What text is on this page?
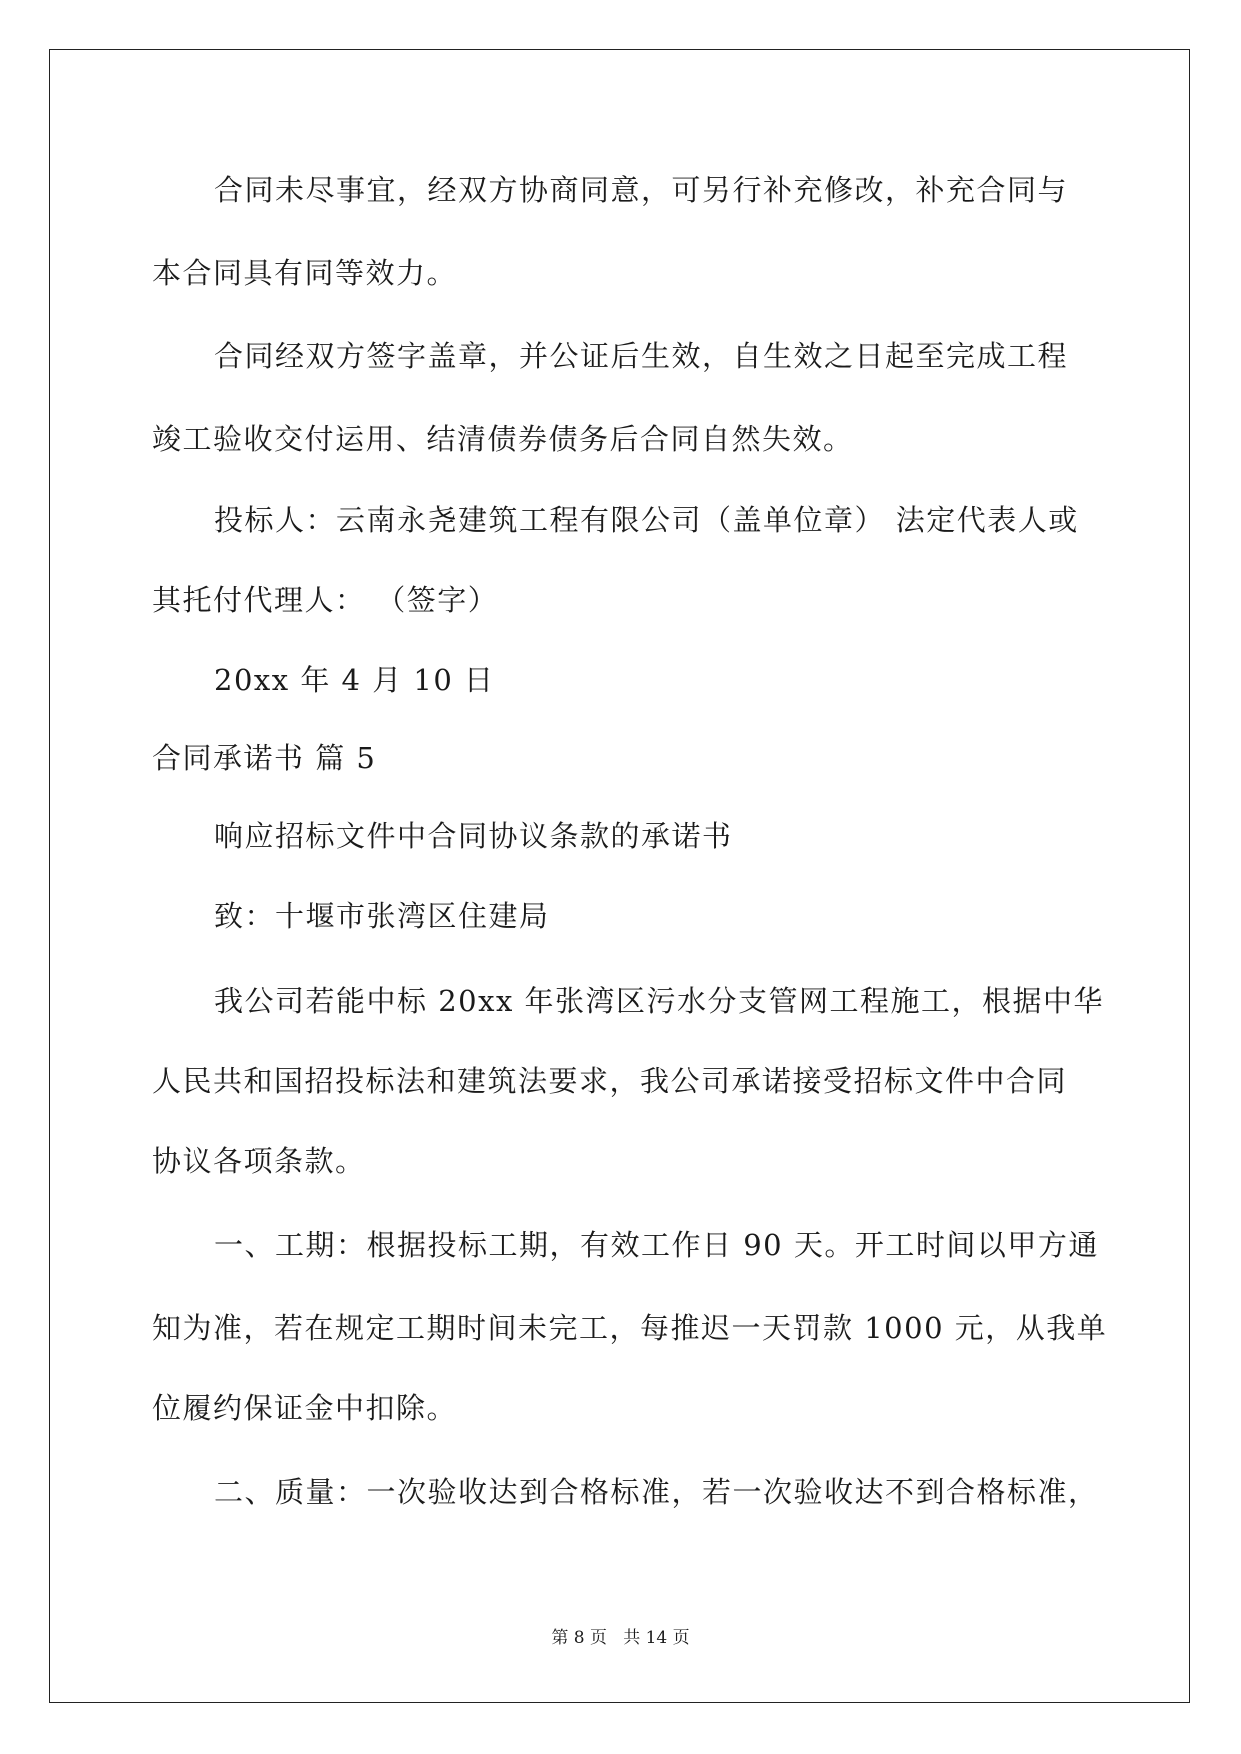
合同未尽事宜，经双方协商同意，可另行补充修改，补充合同与
本合同具有同等效力。
合同经双方签字盖章，并公证后生效，自生效之日起至完成工程
竣工验收交付运用、结清债券债务后合同自然失效。
投标人：云南永尧建筑工程有限公司（盖单位章） 法定代表人或
其托付代理人： （签字）
20xx 年 4 月 10 日
合同承诺书 篇 5
响应招标文件中合同协议条款的承诺书
致：十堰市张湾区住建局
我公司若能中标 20xx 年张湾区污水分支管网工程施工，根据中华
人民共和国招投标法和建筑法要求，我公司承诺接受招标文件中合同
协议各项条款。
一、工期：根据投标工期，有效工作日 90 天。开工时间以甲方通
知为准，若在规定工期时间未完工，每推迟一天罚款 1000 元，从我单
位履约保证金中扣除。
二、质量：一次验收达到合格标准，若一次验收达不到合格标准，
第 8 页   共 14 页
